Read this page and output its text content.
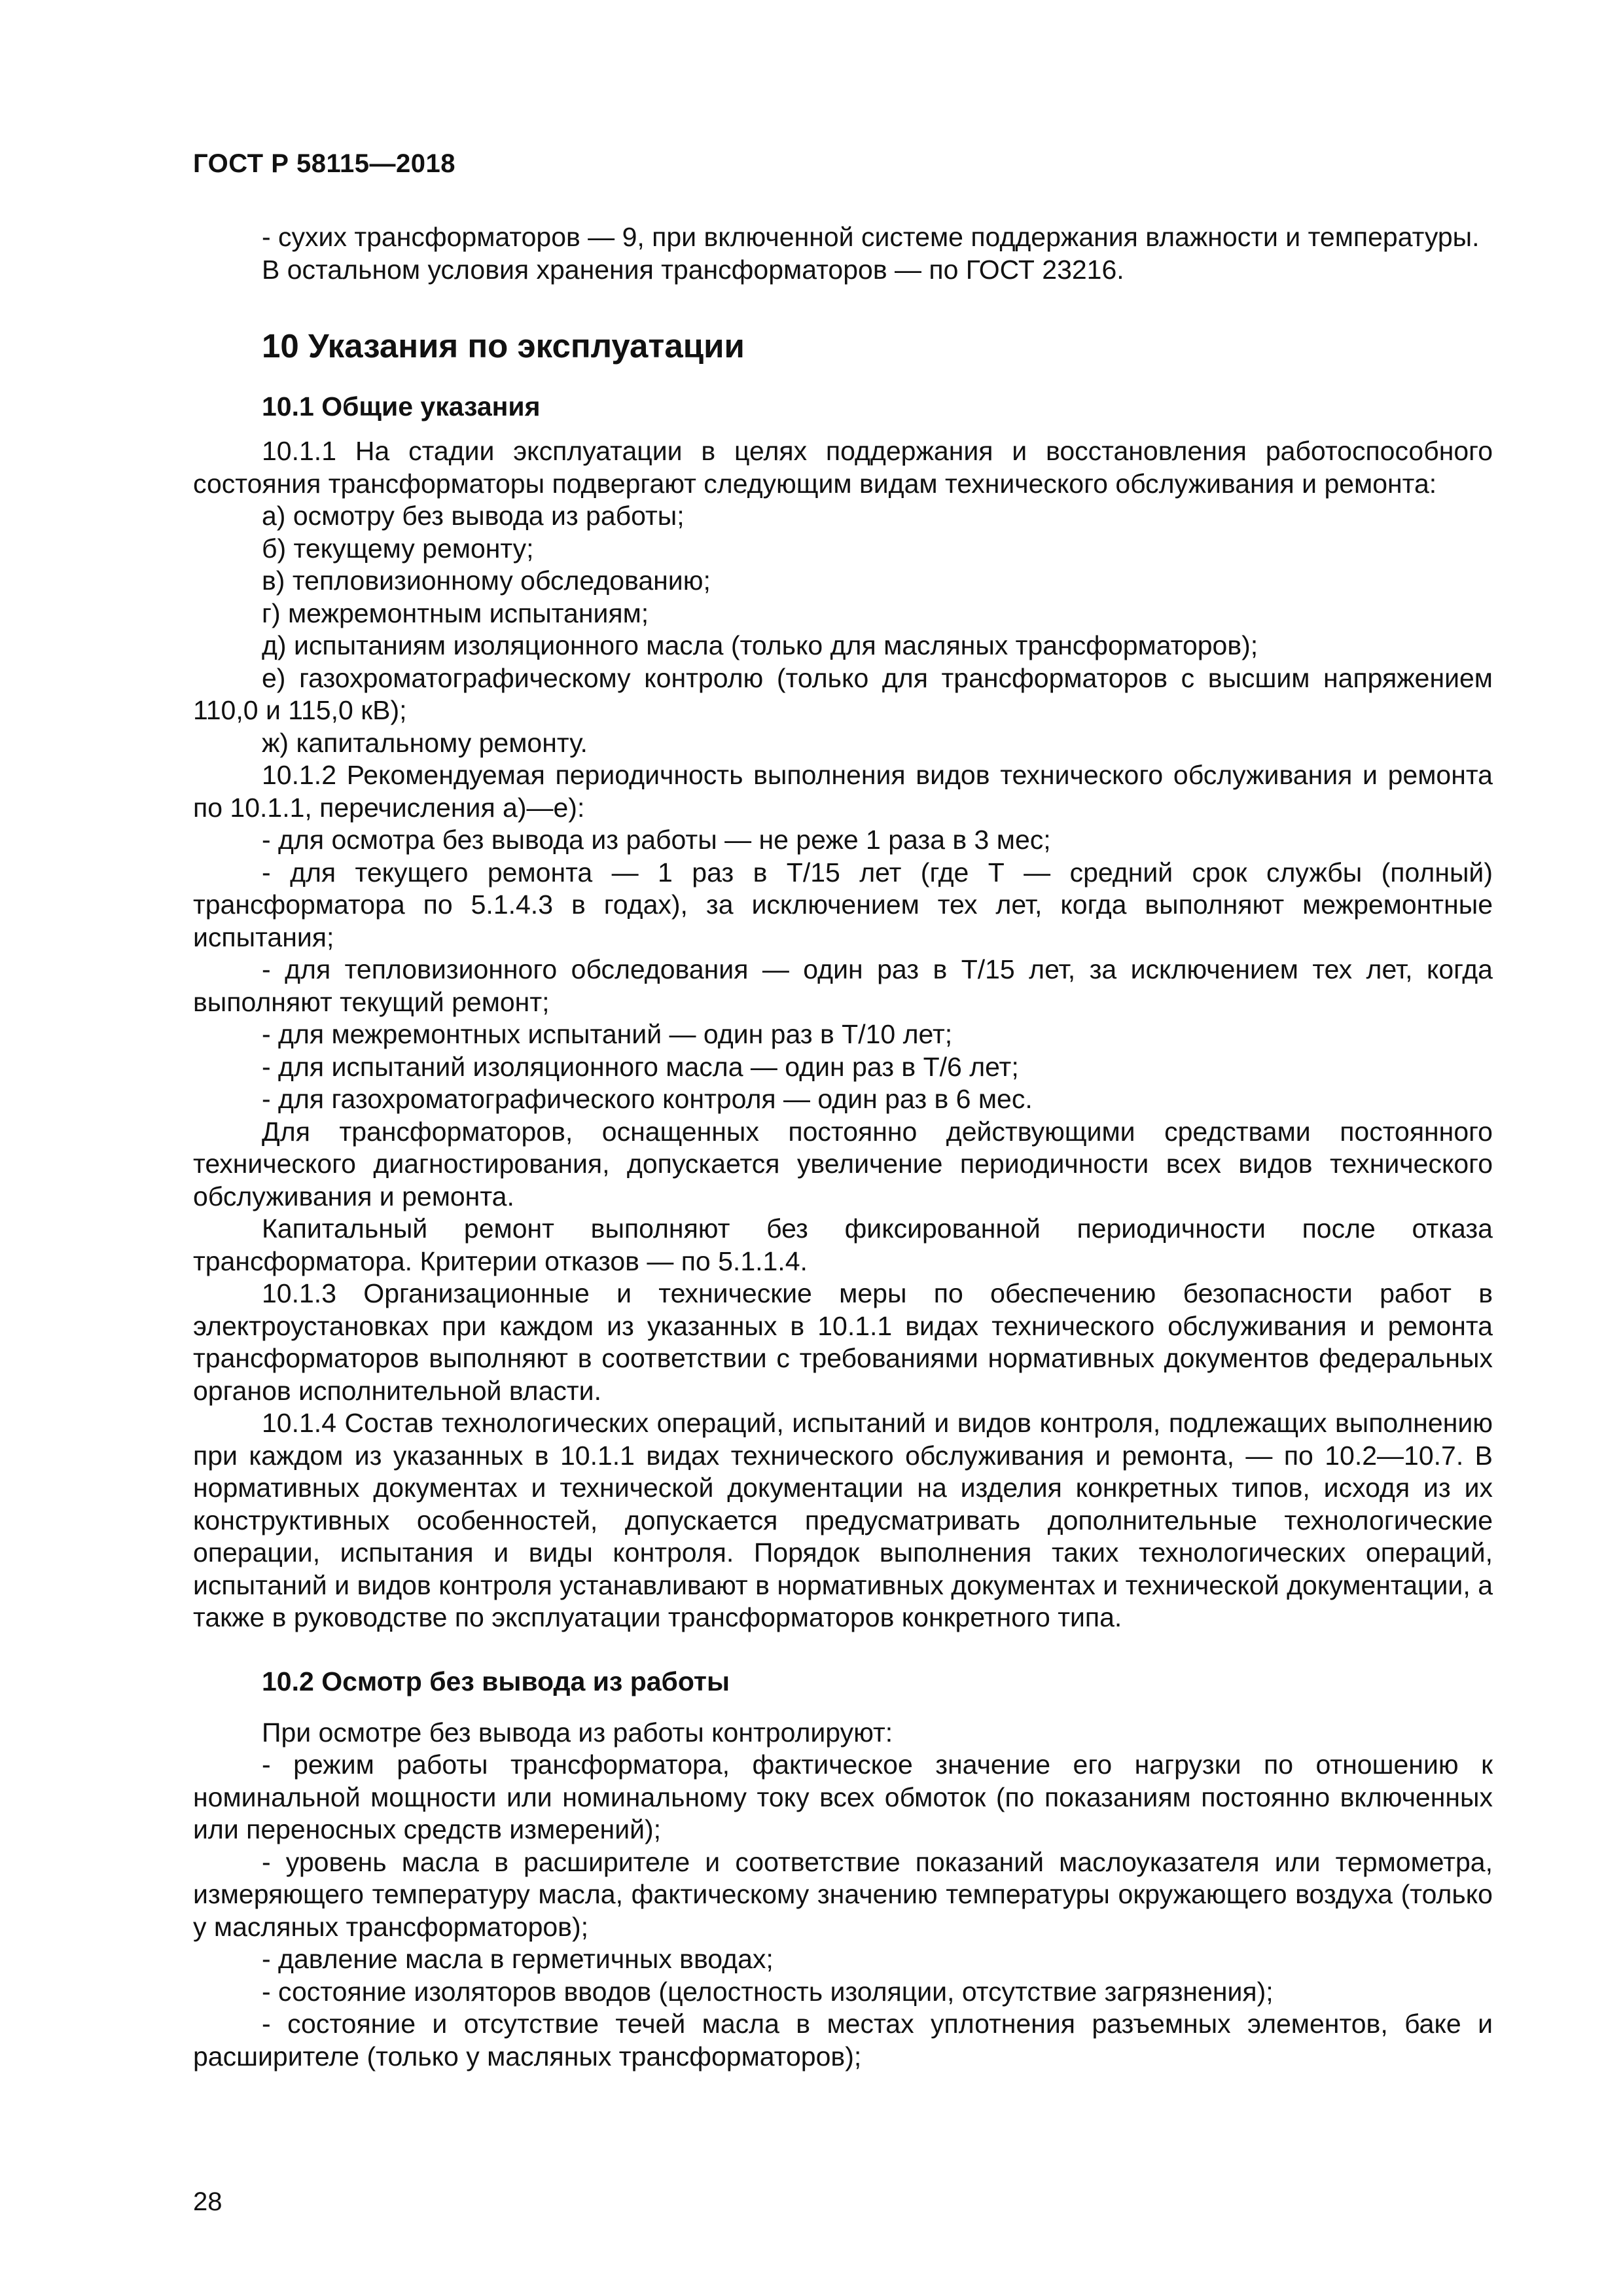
ГОСТ Р 58115—2018

- сухих трансформаторов — 9, при включенной системе поддержания влажности и температуры.

В остальном условия хранения трансформаторов — по ГОСТ 23216.

10 Указания по эксплуатации
10.1 Общие указания

10.1.1 На стадии эксплуатации в целях поддержания и восстановления работоспособного состояния трансформаторы подвергают следующим видам технического обслуживания и ремонта:

а) осмотру без вывода из работы;

б) текущему ремонту;

в) тепловизионному обследованию;

г) межремонтным испытаниям;

д) испытаниям изоляционного масла (только для масляных трансформаторов);

е) газохроматографическому контролю (только для трансформаторов с высшим напряжением 110,0 и 115,0 кВ);

ж) капитальному ремонту.

10.1.2 Рекомендуемая периодичность выполнения видов технического обслуживания и ремонта по 10.1.1, перечисления а)—е):

- для осмотра без вывода из работы — не реже 1 раза в 3 мес;

- для текущего ремонта — 1 раз в Т/15 лет (где Т — средний срок службы (полный) трансформатора по 5.1.4.3 в годах), за исключением тех лет, когда выполняют межремонтные испытания;

- для тепловизионного обследования — один раз в Т/15 лет, за исключением тех лет, когда выполняют текущий ремонт;

- для межремонтных испытаний — один раз в Т/10 лет;

- для испытаний изоляционного масла — один раз в Т/6 лет;

- для газохроматографического контроля — один раз в 6 мес.

Для трансформаторов, оснащенных постоянно действующими средствами постоянного технического диагностирования, допускается увеличение периодичности всех видов технического обслуживания и ремонта.

Капитальный ремонт выполняют без фиксированной периодичности после отказа трансформатора. Критерии отказов — по 5.1.1.4.

10.1.3 Организационные и технические меры по обеспечению безопасности работ в электроустановках при каждом из указанных в 10.1.1 видах технического обслуживания и ремонта трансформаторов выполняют в соответствии с требованиями нормативных документов федеральных органов исполнительной власти.

10.1.4 Состав технологических операций, испытаний и видов контроля, подлежащих выполнению при каждом из указанных в 10.1.1 видах технического обслуживания и ремонта, — по 10.2—10.7. В нормативных документах и технической документации на изделия конкретных типов, исходя из их конструктивных особенностей, допускается предусматривать дополнительные технологические операции, испытания и виды контроля. Порядок выполнения таких технологических операций, испытаний и видов контроля устанавливают в нормативных документах и технической документации, а также в руководстве по эксплуатации трансформаторов конкретного типа.

10.2 Осмотр без вывода из работы

При осмотре без вывода из работы контролируют:

- режим работы трансформатора, фактическое значение его нагрузки по отношению к номинальной мощности или номинальному току всех обмоток (по показаниям постоянно включенных или переносных средств измерений);

- уровень масла в расширителе и соответствие показаний маслоуказателя или термометра, измеряющего температуру масла, фактическому значению температуры окружающего воздуха (только у масляных трансформаторов);

- давление масла в герметичных вводах;

- состояние изоляторов вводов (целостность изоляции, отсутствие загрязнения);

- состояние и отсутствие течей масла в местах уплотнения разъемных элементов, баке и расширителе (только у масляных трансформаторов);

28
